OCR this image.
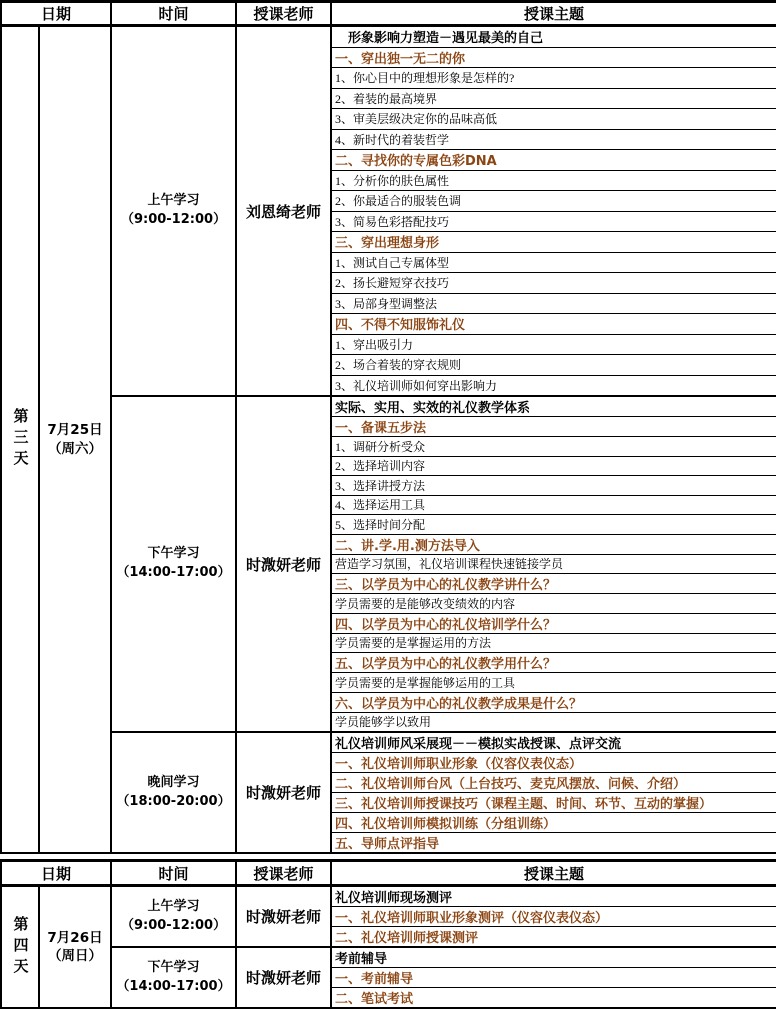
日期		时间	授课老师	授课主题

第三天	7月25日
（周六）

上午学习
（9:00-12:00）	刘恩绮老师	　形象影响力塑造－遇见最美的自己
				一、穿出独一无二的你
				1、你心目中的理想形象是怎样的?
				2、着装的最高境界
				3、审美层级决定你的品味高低
				4、新时代的着装哲学
				二、寻找你的专属色彩DNA
				1、分析你的肤色属性
				2、你最适合的服装色调
				3、简易色彩搭配技巧
				三、穿出理想身形
				1、测试自己专属体型
				2、扬长避短穿衣技巧
				3、局部身型调整法
				四、不得不知服饰礼仪
				1、穿出吸引力
				2、场合着装的穿衣规则
				3、礼仪培训师如何穿出影响力

		下午学习
（14:00-17:00）	时溦妍老师	实际、实用、实效的礼仪教学体系
				一、备课五步法
				1、调研分析受众
				2、选择培训内容
				3、选择讲授方法
				4、选择运用工具
				5、选择时间分配
				二、讲.学.用.测方法导入
				营造学习氛围，礼仪培训课程快速链接学员
				三、以学员为中心的礼仪教学讲什么？
				学员需要的是能够改变绩效的内容
				四、以学员为中心的礼仪培训学什么？
				学员需要的是掌握运用的方法
				五、以学员为中心的礼仪教学用什么？
				学员需要的是掌握能够运用的工具
				六、以学员为中心的礼仪教学成果是什么？
				学员能够学以致用

		晚间学习
（18:00-20:00）	时溦妍老师	礼仪培训师风采展现－－模拟实战授课、点评交流
				一、礼仪培训师职业形象（仪容仪表仪态）
				二、礼仪培训师台风（上台技巧、麦克风摆放、问候、介绍）
				三、礼仪培训师授课技巧（课程主题、时间、环节、互动的掌握）
				四、礼仪培训师模拟训练（分组训练）
				五、导师点评指导
日期		时间	授课老师	授课主题

第四天	7月26日
（周日）

上午学习
（9:00-12:00）	时溦妍老师	礼仪培训师现场测评
				一、礼仪培训师职业形象测评（仪容仪表仪态）
				二、礼仪培训师授课测评

		下午学习
（14:00-17:00）	时溦妍老师	考前辅导
				一、考前辅导
				二、笔试考试
